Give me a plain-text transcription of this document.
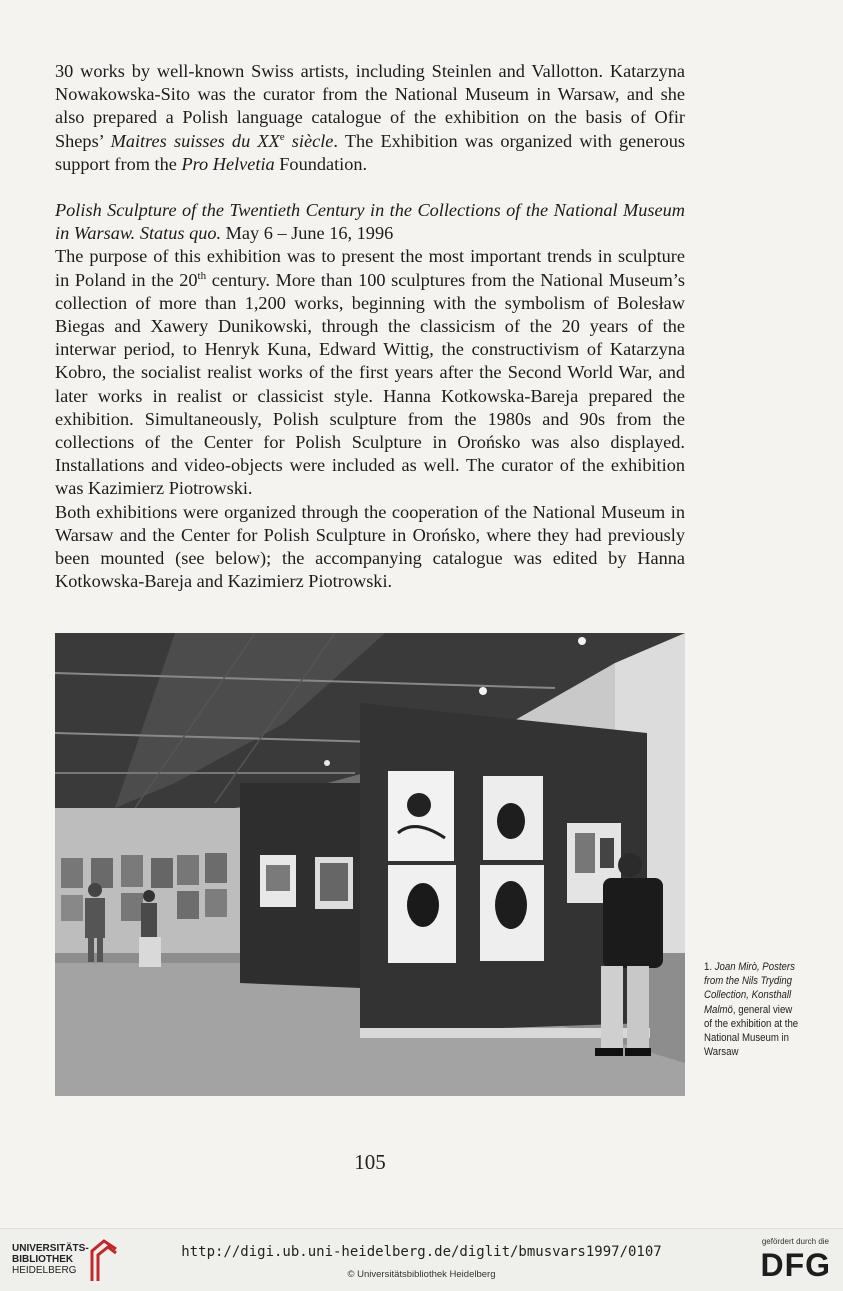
30 works by well-known Swiss artists, including Steinlen and Vallotton. Katarzyna Nowakowska-Sito was the curator from the National Museum in Warsaw, and she also prepared a Polish language catalogue of the exhibition on the basis of Ofir Sheps’ Maitres suisses du XXe siècle. The Exhibition was organized with generous support from the Pro Helvetia Foundation.

Polish Sculpture of the Twentieth Century in the Collections of the National Museum in Warsaw. Status quo. May 6 – June 16, 1996

The purpose of this exhibition was to present the most important trends in sculpture in Poland in the 20th century. More than 100 sculptures from the National Museum’s collection of more than 1,200 works, beginning with the symbolism of Bolesław Biegas and Xawery Dunikowski, through the classicism of the 20 years of the interwar period, to Henryk Kuna, Edward Wittig, the constructivism of Katarzyna Kobro, the socialist realist works of the first years after the Second World War, and later works in realist or classicist style. Hanna Kotkowska-Bareja prepared the exhibition. Simultaneously, Polish sculpture from the 1980s and 90s from the collections of the Center for Polish Sculpture in Orońsko was also displayed. Installations and video-objects were included as well. The curator of the exhibition was Kazimierz Piotrowski.

Both exhibitions were organized through the cooperation of the National Museum in Warsaw and the Center for Polish Sculpture in Orońsko, where they had previously been mounted (see below); the accompanying catalogue was edited by Hanna Kotkowska-Bareja and Kazimierz Piotrowski.

1. Joan Mirò, Posters from the Nils Tryding Collection, Konsthall Malmö, general view of the exhibition at the National Museum in Warsaw
105
UNIVERSITÄTS-
BIBLIOTHEK
HEIDELBERG
http://digi.ub.uni-heidelberg.de/diglit/bmusvars1997/0107
© Universitätsbibliothek Heidelberg
gefördert durch die
DFG
